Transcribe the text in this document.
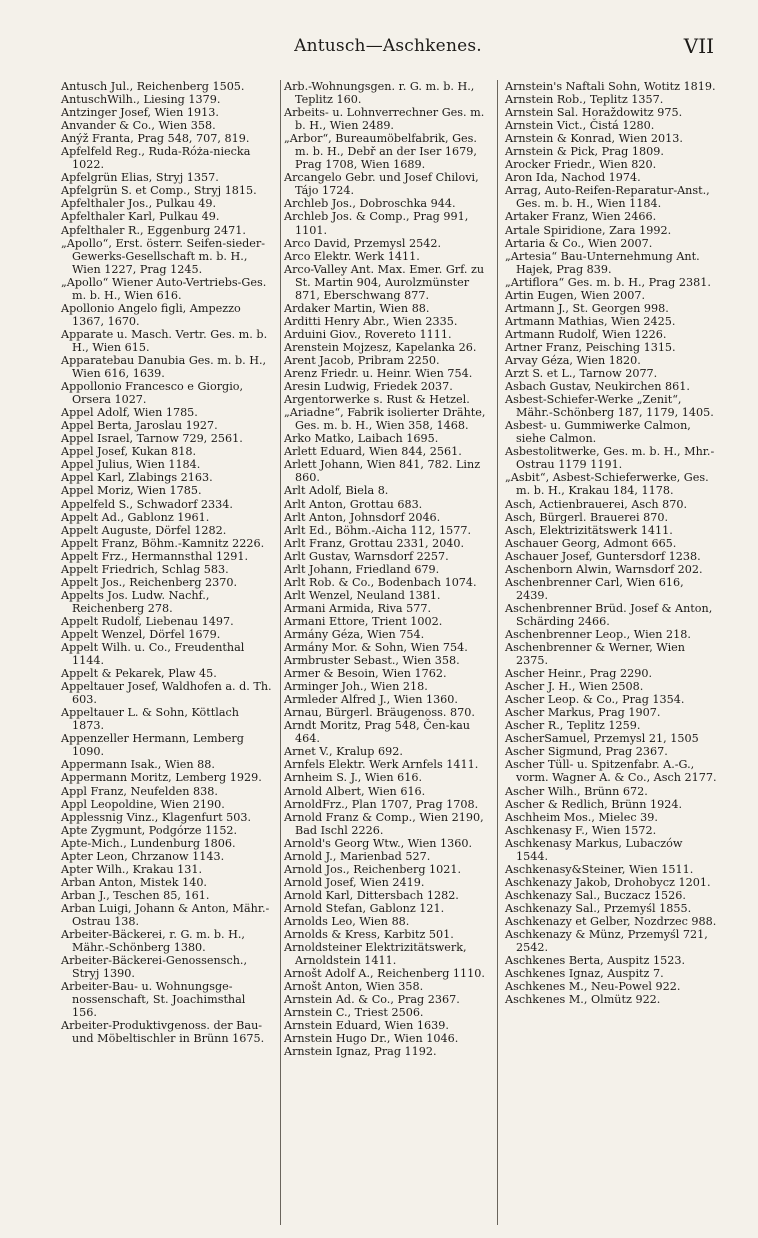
Antusch—Aschkenes.	VII

Antusch Jul., Reichenberg 1505.

AntuschWilh., Liesing 1379.

Antzinger Josef, Wien 1913.

Anvander & Co., Wien 358.

Anýž Franta, Prag 548, 707, 819.

Apfelfeld Reg., Ruda-Róża-niecka 1022.

Apfelgrün Elias, Stryj 1357.

Apfelgrün S. et Comp., Stryj 1815.

Apfelthaler Jos., Pulkau 49.

Apfelthaler Karl, Pulkau 49.

Apfelthaler R., Eggenburg 2471.

„Apollo“, Erst. österr. Seifen-sieder-Gewerks-Gesellschaft m. b. H., Wien 1227, Prag 1245.

„Apollo“ Wiener Auto-Vertriebs-Ges. m. b. H., Wien 616.

Apollonio Angelo figli, Ampezzo 1367, 1670.

Apparate u. Masch. Vertr. Ges. m. b. H., Wien 615.

Apparatebau Danubia Ges. m. b. H., Wien 616, 1639.

Appollonio Francesco e Giorgio, Orsera 1027.

Appel Adolf, Wien 1785.

Appel Berta, Jaroslau 1927.

Appel Israel, Tarnow 729, 2561.

Appel Josef, Kukan 818.

Appel Julius, Wien 1184.

Appel Karl, Zlabings 2163.

Appel Moriz, Wien 1785.

Appelfeld S., Schwadorf 2334.

Appelt Ad., Gablonz 1961.

Appelt Auguste, Dörfel 1282.

Appelt Franz, Böhm.-Kamnitz 2226.

Appelt Frz., Hermannsthal 1291.

Appelt Friedrich, Schlag 583.

Appelt Jos., Reichenberg 2370.

Appelts Jos. Ludw. Nachf., Reichenberg 278.

Appelt Rudolf, Liebenau 1497.

Appelt Wenzel, Dörfel 1679.

Appelt Wilh. u. Co., Freudenthal 1144.

Appelt & Pekarek, Plaw 45.

Appeltauer Josef, Waldhofen a. d. Th. 603.

Appeltauer L. & Sohn, Köttlach 1873.

Appenzeller Hermann, Lemberg 1090.

Appermann Isak., Wien 88.

Appermann Moritz, Lemberg 1929.

Appl Franz, Neufelden 838.

Appl Leopoldine, Wien 2190.

Applessnig Vinz., Klagenfurt 503.

Apte Zygmunt, Podgórze 1152.

Apte-Mich., Lundenburg 1806.

Apter Leon, Chrzanow 1143.

Apter Wilh., Krakau 131.

Arban Anton, Mistek 140.

Arban J., Teschen 85, 161.

Arban Luigi, Johann & Anton, Mähr.-Ostrau 138.

Arbeiter-Bäckerei, r. G. m. b. H., Mähr.-Schönberg 1380.

Arbeiter-Bäckerei-Genossensch., Stryj 1390.

Arbeiter-Bau- u. Wohnungsge-nossenschaft, St. Joachimsthal 156.

Arbeiter-Produktivgenoss. der Bau- und Möbeltischler in Brünn 1675.

Arb.-Wohnungsgen. r. G. m. b. H., Teplitz 160.

Arbeits- u. Lohnverrechner Ges. m. b. H., Wien 2489.

„Arbor“, Bureaumöbelfabrik, Ges. m. b. H., Debř an der Iser 1679, Prag 1708, Wien 1689.

Arcangelo Gebr. und Josef Chilovi, Tájo 1724.

Archleb Jos., Dobroschka 944.

Archleb Jos. & Comp., Prag 991, 1101.

Arco David, Przemysl 2542.

Arco Elektr. Werk 1411.

Arco-Valley Ant. Max. Emer. Grf. zu St. Martin 904, Aurolzmünster 871, Eberschwang 877.

Ardaker Martin, Wien 88.

Arditti Henry Abr., Wien 2335.

Arduini Giov., Rovereto 1111.

Arenstein Mojzesz, Kapelanka 26.

Arent Jacob, Pribram 2250.

Arenz Friedr. u. Heinr. Wien 754.

Aresin Ludwig, Friedek 2037.

Argentorwerke s. Rust & Hetzel.

„Ariadne“, Fabrik isolierter Drähte, Ges. m. b. H., Wien 358, 1468.

Arko Matko, Laibach 1695.

Arlett Eduard, Wien 844, 2561.

Arlett Johann, Wien 841, 782. Linz 860.

Arlt Adolf, Biela 8.

Arlt Anton, Grottau 683.

Arlt Anton, Johnsdorf 2046.

Arlt Ed., Böhm.-Aicha 112, 1577.

Arlt Franz, Grottau 2331, 2040.

Arlt Gustav, Warnsdorf 2257.

Arlt Johann, Friedland 679.

Arlt Rob. & Co., Bodenbach 1074.

Arlt Wenzel, Neuland 1381.

Armani Armida, Riva 577.

Armani Ettore, Trient 1002.

Armány Géza, Wien 754.

Armány Mor. & Sohn, Wien 754.

Armbruster Sebast., Wien 358.

Armer & Besoin, Wien 1762.

Arminger Joh., Wien 218.

Armleder Alfred J., Wien 1360.

Arnau, Bürgerl. Bräugenoss. 870.

Arndt Moritz, Prag 548, Čen-kau 464.

Arnet V., Kralup 692.

Arnfels Elektr. Werk Arnfels 1411.

Arnheim S. J., Wien 616.

Arnold Albert, Wien 616.

ArnoldFrz., Plan 1707, Prag 1708.

Arnold Franz & Comp., Wien 2190, Bad Ischl 2226.

Arnold's Georg Wtw., Wien 1360.

Arnold J., Marienbad 527.

Arnold Jos., Reichenberg 1021.

Arnold Josef, Wien 2419.

Arnold Karl, Dittersbach 1282.

Arnold Stefan, Gablonz 121.

Arnolds Leo, Wien 88.

Arnolds & Kress, Karbitz 501.

Arnoldsteiner Elektrizitätswerk, Arnoldstein 1411.

Arnošt Adolf A., Reichenberg 1110.

Arnošt Anton, Wien 358.

Arnstein Ad. & Co., Prag 2367.

Arnstein C., Triest 2506.

Arnstein Eduard, Wien 1639.

Arnstein Hugo Dr., Wien 1046.

Arnstein Ignaz, Prag 1192.

Arnstein's Naftali Sohn, Wotitz 1819.

Arnstein Rob., Teplitz 1357.

Arnstein Sal. Horaždowitz 975.

Arnstein Vict., Čistá 1280.

Arnstein & Konrad, Wien 2013.

Arnstein & Pick, Prag 1809.

Arocker Friedr., Wien 820.

Aron Ida, Nachod 1974.

Arrag, Auto-Reifen-Reparatur-Anst., Ges. m. b. H., Wien 1184.

Artaker Franz, Wien 2466.

Artale Spiridione, Zara 1992.

Artaria & Co., Wien 2007.

„Artesia“ Bau-Unternehmung Ant. Hajek, Prag 839.

„Artiflora“ Ges. m. b. H., Prag 2381.

Artin Eugen, Wien 2007.

Artmann J., St. Georgen 998.

Artmann Mathias, Wien 2425.

Artmann Rudolf, Wien 1226.

Artner Franz, Peisching 1315.

Arvay Géza, Wien 1820.

Arzt S. et L., Tarnow 2077.

Asbach Gustav, Neukirchen 861.

Asbest-Schiefer-Werke „Zenit“, Mähr.-Schönberg 187, 1179, 1405.

Asbest- u. Gummiwerke Calmon, siehe Calmon.

Asbestolitwerke, Ges. m. b. H., Mhr.-Ostrau 1179 1191.

„Asbit“, Asbest-Schieferwerke, Ges. m. b. H., Krakau 184, 1178.

Asch, Actienbrauerei, Asch 870.

Asch, Bürgerl. Brauerei 870.

Asch, Elektrizitätswerk 1411.

Aschauer Georg, Admont 665.

Aschauer Josef, Guntersdorf 1238.

Aschenborn Alwin, Warnsdorf 202.

Aschenbrenner Carl, Wien 616, 2439.

Aschenbrenner Brüd. Josef & Anton, Schärding 2466.

Aschenbrenner Leop., Wien 218.

Aschenbrenner & Werner, Wien 2375.

Ascher Heinr., Prag 2290.

Ascher J. H., Wien 2508.

Ascher Leop. & Co., Prag 1354.

Ascher Markus, Prag 1907.

Ascher R., Teplitz 1259.

AscherSamuel, Przemysl 21, 1505

Ascher Sigmund, Prag 2367.

Ascher Tüll- u. Spitzenfabr. A.-G., vorm. Wagner A. & Co., Asch 2177.

Ascher Wilh., Brünn 672.

Ascher & Redlich, Brünn 1924.

Aschheim Mos., Mielec 39.

Aschkenasy F., Wien 1572.

Aschkenasy Markus, Lubaczów 1544.

Aschkenasy&Steiner, Wien 1511.

Aschkenazy Jakob, Drohobycz 1201.

Aschkenazy Sal., Buczacz 1526.

Aschkenazy Sal., Przemyśl 1855.

Aschkenazy et Gelber, Nozdrzec 988.

Aschkenazy & Münz, Przemyśl 721, 2542.

Aschkenes Berta, Auspitz 1523.

Aschkenes Ignaz, Auspitz 7.

Aschkenes M., Neu-Powel 922.

Aschkenes M., Olmütz 922.
